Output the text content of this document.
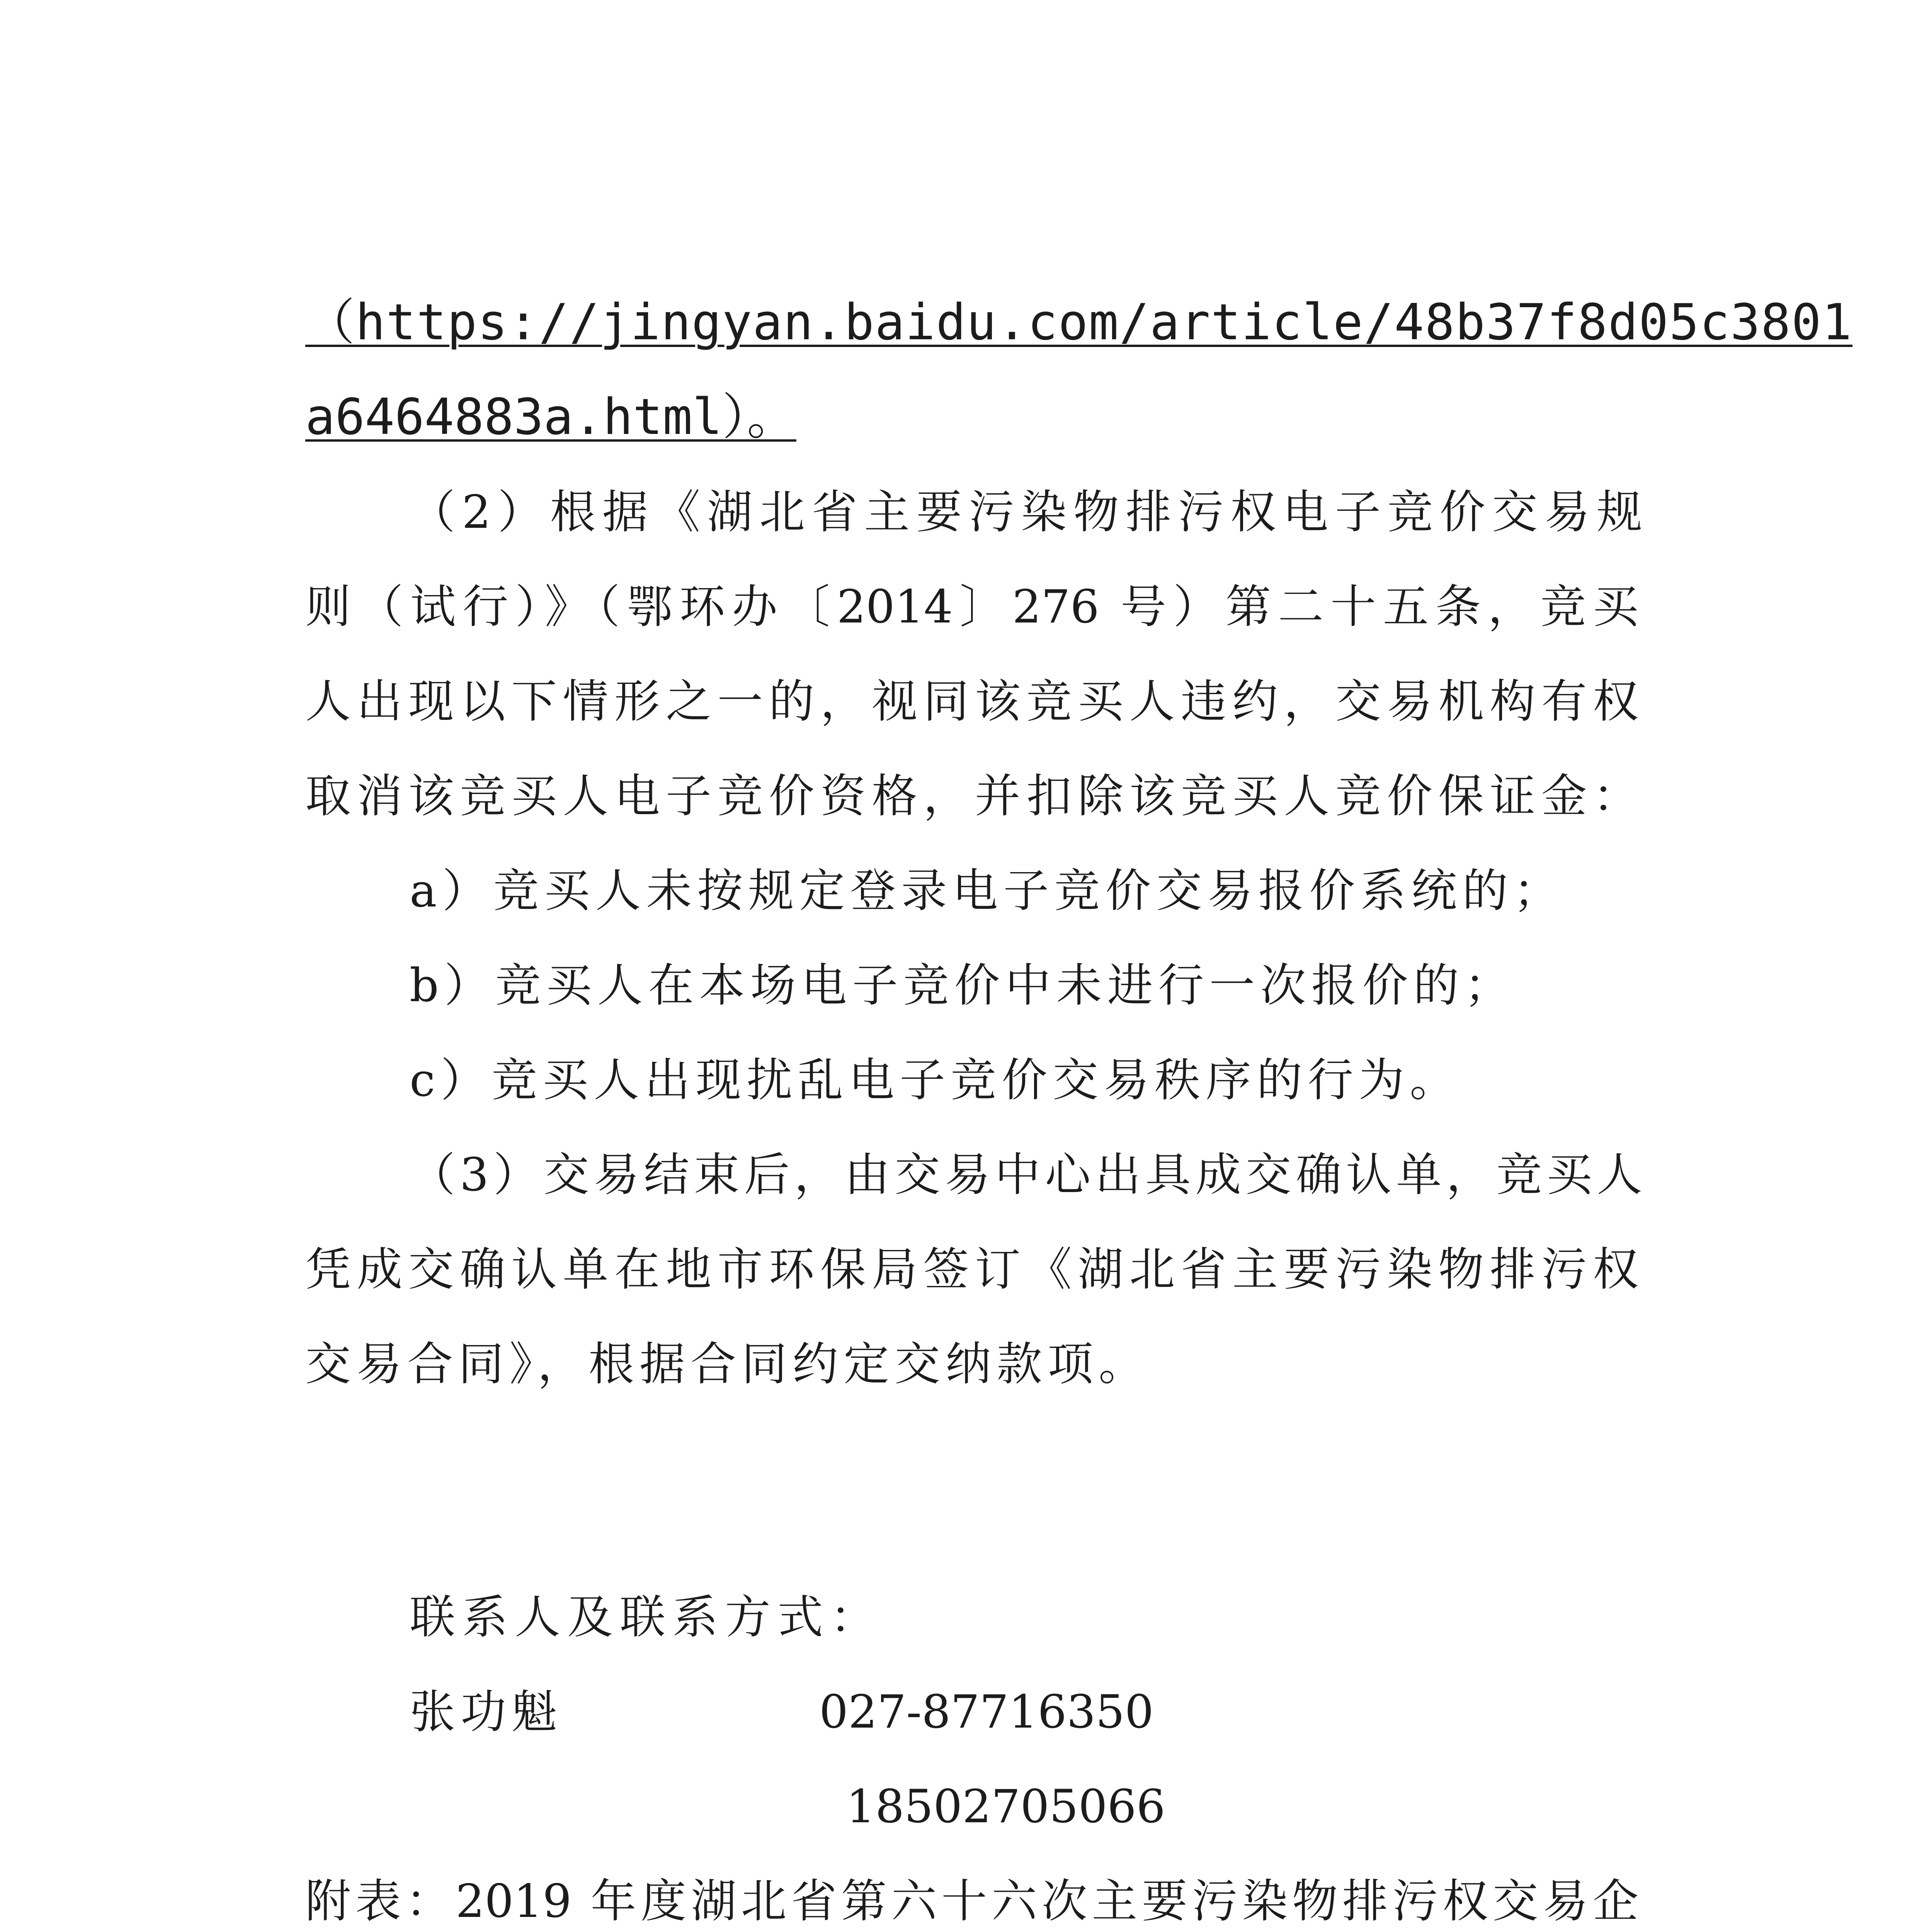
（https://jingyan.baidu.com/article/48b37f8d05c3801
a6464883a.html）。
（2）根据《湖北省主要污染物排污权电子竞价交易规
则（试行）》（鄂环办〔2014〕276 号）第二十五条，竞买
人出现以下情形之一的，视同该竞买人违约，交易机构有权
取消该竞买人电子竞价资格，并扣除该竞买人竞价保证金：
a）竞买人未按规定登录电子竞价交易报价系统的；
b）竞买人在本场电子竞价中未进行一次报价的；
c）竞买人出现扰乱电子竞价交易秩序的行为。
（3）交易结束后，由交易中心出具成交确认单，竞买人
凭成交确认单在地市环保局签订《湖北省主要污染物排污权
交易合同》，根据合同约定交纳款项。
联系人及联系方式：
张功魁	027-87716350
18502705066
附表：2019 年度湖北省第六十六次主要污染物排污权交易企
